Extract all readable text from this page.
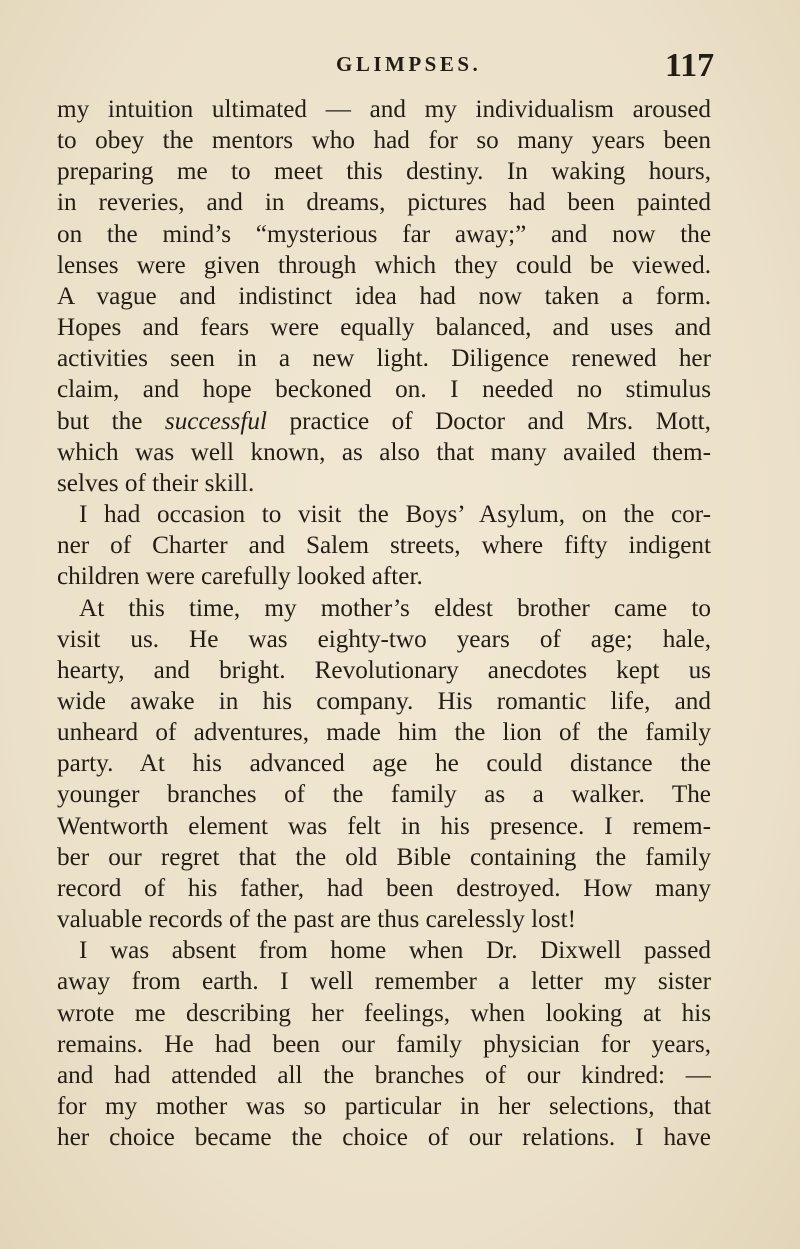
GLIMPSES.	117

my intuition ultimated — and my individualism aroused
to obey the mentors who had for so many years been
preparing me to meet this destiny. In waking hours,
in reveries, and in dreams, pictures had been painted
on the mind’s “mysterious far away;” and now the
lenses were given through which they could be viewed.
A vague and indistinct idea had now taken a form.
Hopes and fears were equally balanced, and uses and
activities seen in a new light. Diligence renewed her
claim, and hope beckoned on. I needed no stimulus
but the successful practice of Doctor and Mrs. Mott,
which was well known, as also that many availed them-
selves of their skill.

I had occasion to visit the Boys’ Asylum, on the cor-
ner of Charter and Salem streets, where fifty indigent
children were carefully looked after.

At this time, my mother’s eldest brother came to
visit us. He was eighty-two years of age; hale,
hearty, and bright. Revolutionary anecdotes kept us
wide awake in his company. His romantic life, and
unheard of adventures, made him the lion of the family
party. At his advanced age he could distance the
younger branches of the family as a walker. The
Wentworth element was felt in his presence. I remem-
ber our regret that the old Bible containing the family
record of his father, had been destroyed. How many
valuable records of the past are thus carelessly lost!

I was absent from home when Dr. Dixwell passed
away from earth. I well remember a letter my sister
wrote me describing her feelings, when looking at his
remains. He had been our family physician for years,
and had attended all the branches of our kindred: —
for my mother was so particular in her selections, that
her choice became the choice of our relations. I have
